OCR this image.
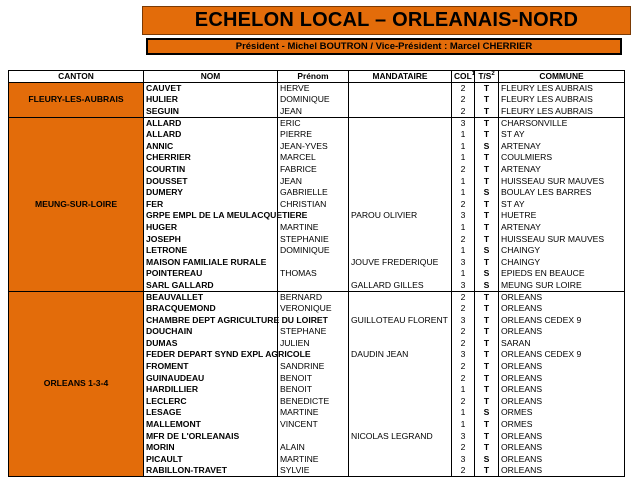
ECHELON LOCAL – ORLEANAIS-NORD
Président - Michel BOUTRON / Vice-Président : Marcel CHERRIER
CANTON	NOM	Prénom	MANDATAIRE	COL$^1$	$T/S^2$	COMMUNE
FLEURY-LES-AUBRAIS	CAUVET	HERVE		2	T	FLEURY LES AUBRAIS
	HULIER	DOMINIQUE		2	T	FLEURY LES AUBRAIS
	SEGUIN	JEAN		2	T	FLEURY LES AUBRAIS
MEUNG-SUR-LOIRE	ALLARD	ERIC		3	T	CHARSONVILLE
	ALLARD	PIERRE		1	T	ST AY
	ANNIC	JEAN-YVES		1	S	ARTENAY
	CHERRIER	MARCEL		1	T	COULMIERS
	COURTIN	FABRICE		2	T	ARTENAY
	DOUSSET	JEAN		1	T	HUISSEAU SUR MAUVES
	DUMERY	GABRIELLE		1	S	BOULAY LES BARRES
	FER	CHRISTIAN		2	T	ST AY
	GRPE EMPL DE LA MEULACQUETIERE		PAROU OLIVIER	3	T	HUETRE
	HUGER	MARTINE		1	T	ARTENAY
	JOSEPH	STEPHANIE		2	T	HUISSEAU SUR MAUVES
	LETRONE	DOMINIQUE		1	S	CHAINGY
	MAISON FAMILIALE RURALE		JOUVE FREDERIQUE	3	T	CHAINGY
	POINTEREAU	THOMAS		1	S	EPIEDS EN BEAUCE
	SARL GALLARD		GALLARD GILLES	3	S	MEUNG SUR LOIRE
ORLEANS 1-3-4	BEAUVALLET	BERNARD		2	T	ORLEANS
	BRACQUEMOND	VERONIQUE		2	T	ORLEANS
	CHAMBRE DEPT AGRICULTURE DU LOIRET		GUILLOTEAU FLORENT	3	T	ORLEANS CEDEX 9
	DOUCHAIN	STEPHANE		2	T	ORLEANS
	DUMAS	JULIEN		2	T	SARAN
	FEDER DEPART SYND EXPL AGRICOLE		DAUDIN JEAN	3	T	ORLEANS CEDEX 9
	FROMENT	SANDRINE		2	T	ORLEANS
	GUINAUDEAU	BENOIT		2	T	ORLEANS
	HARDILLIER	BENOIT		1	T	ORLEANS
	LECLERC	BENEDICTE		2	T	ORLEANS
	LESAGE	MARTINE		1	S	ORMES
	MALLEMONT	VINCENT		1	T	ORMES
	MFR DE L'ORLEANAIS		NICOLAS LEGRAND	3	T	ORLEANS
	MORIN	ALAIN		2	T	ORLEANS
	PICAULT	MARTINE		3	S	ORLEANS
	RABILLON-TRAVET	SYLVIE		2	T	ORLEANS
